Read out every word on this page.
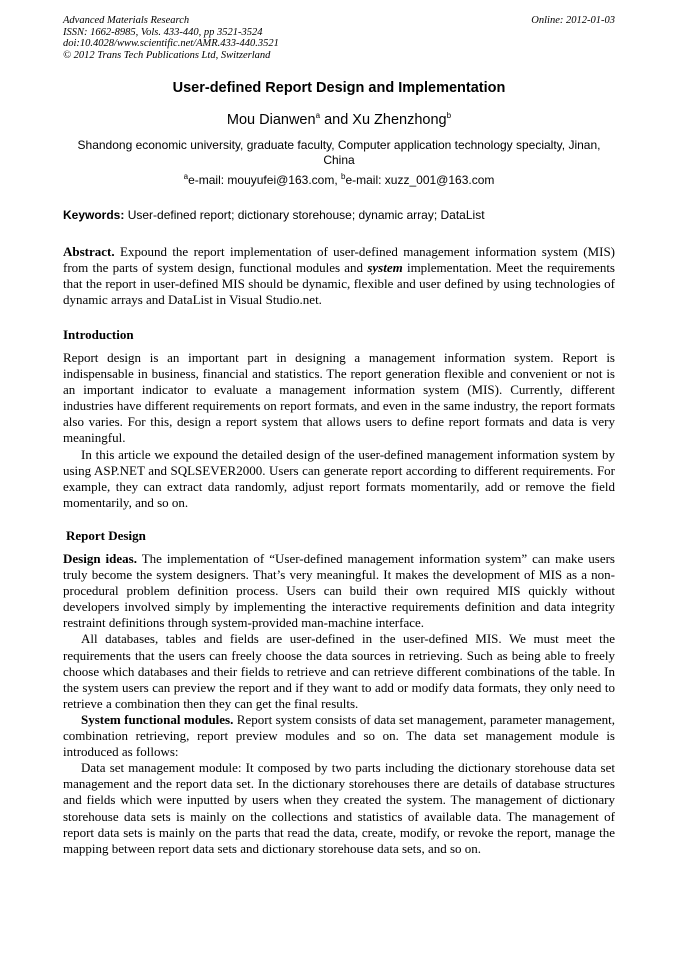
Advanced Materials Research
ISSN: 1662-8985, Vols. 433-440, pp 3521-3524
doi:10.4028/www.scientific.net/AMR.433-440.3521
© 2012 Trans Tech Publications Ltd, Switzerland
Online: 2012-01-03
User-defined Report Design and Implementation
Mou Dianwen$^a$ and Xu Zhenzhong$^b$
Shandong economic university, graduate faculty, Computer application technology specialty, Jinan, China
$^a$e-mail: mouyufei@163.com, $^b$e-mail: xuzz_001@163.com
Keywords: User-defined report; dictionary storehouse; dynamic array; DataList

Abstract. Expound the report implementation of user-defined management information system (MIS) from the parts of system design, functional modules and system implementation. Meet the requirements that the report in user-defined MIS should be dynamic, flexible and user defined by using technologies of dynamic arrays and DataList in Visual Studio.net.

Introduction

Report design is an important part in designing a management information system. Report is indispensable in business, financial and statistics. The report generation flexible and convenient or not is an important indicator to evaluate a management information system (MIS). Currently, different industries have different requirements on report formats, and even in the same industry, the report formats also varies. For this, design a report system that allows users to define report formats and data is very meaningful.

In this article we expound the detailed design of the user-defined management information system by using ASP.NET and SQLSEVER2000. Users can generate report according to different requirements. For example, they can extract data randomly, adjust report formats momentarily, add or remove the field momentarily, and so on.

Report Design

Design ideas. The implementation of “User-defined management information system” can make users truly become the system designers. That’s very meaningful. It makes the development of MIS as a non-procedural problem definition process. Users can build their own required MIS quickly without developers involved simply by implementing the interactive requirements definition and data integrity restraint definitions through system-provided man-machine interface.

All databases, tables and fields are user-defined in the user-defined MIS. We must meet the requirements that the users can freely choose the data sources in retrieving. Such as being able to freely choose which databases and their fields to retrieve and can retrieve different combinations of the table. In the system users can preview the report and if they want to add or modify data formats, they only need to retrieve a combination then they can get the final results.

System functional modules. Report system consists of data set management, parameter management, combination retrieving, report preview modules and so on. The data set management module is introduced as follows:

Data set management module: It composed by two parts including the dictionary storehouse data set management and the report data set. In the dictionary storehouses there are details of database structures and fields which were inputted by users when they created the system. The management of dictionary storehouse data sets is mainly on the collections and statistics of available data. The management of report data sets is mainly on the parts that read the data, create, modify, or revoke the report, manage the mapping between report data sets and dictionary storehouse data sets, and so on.
